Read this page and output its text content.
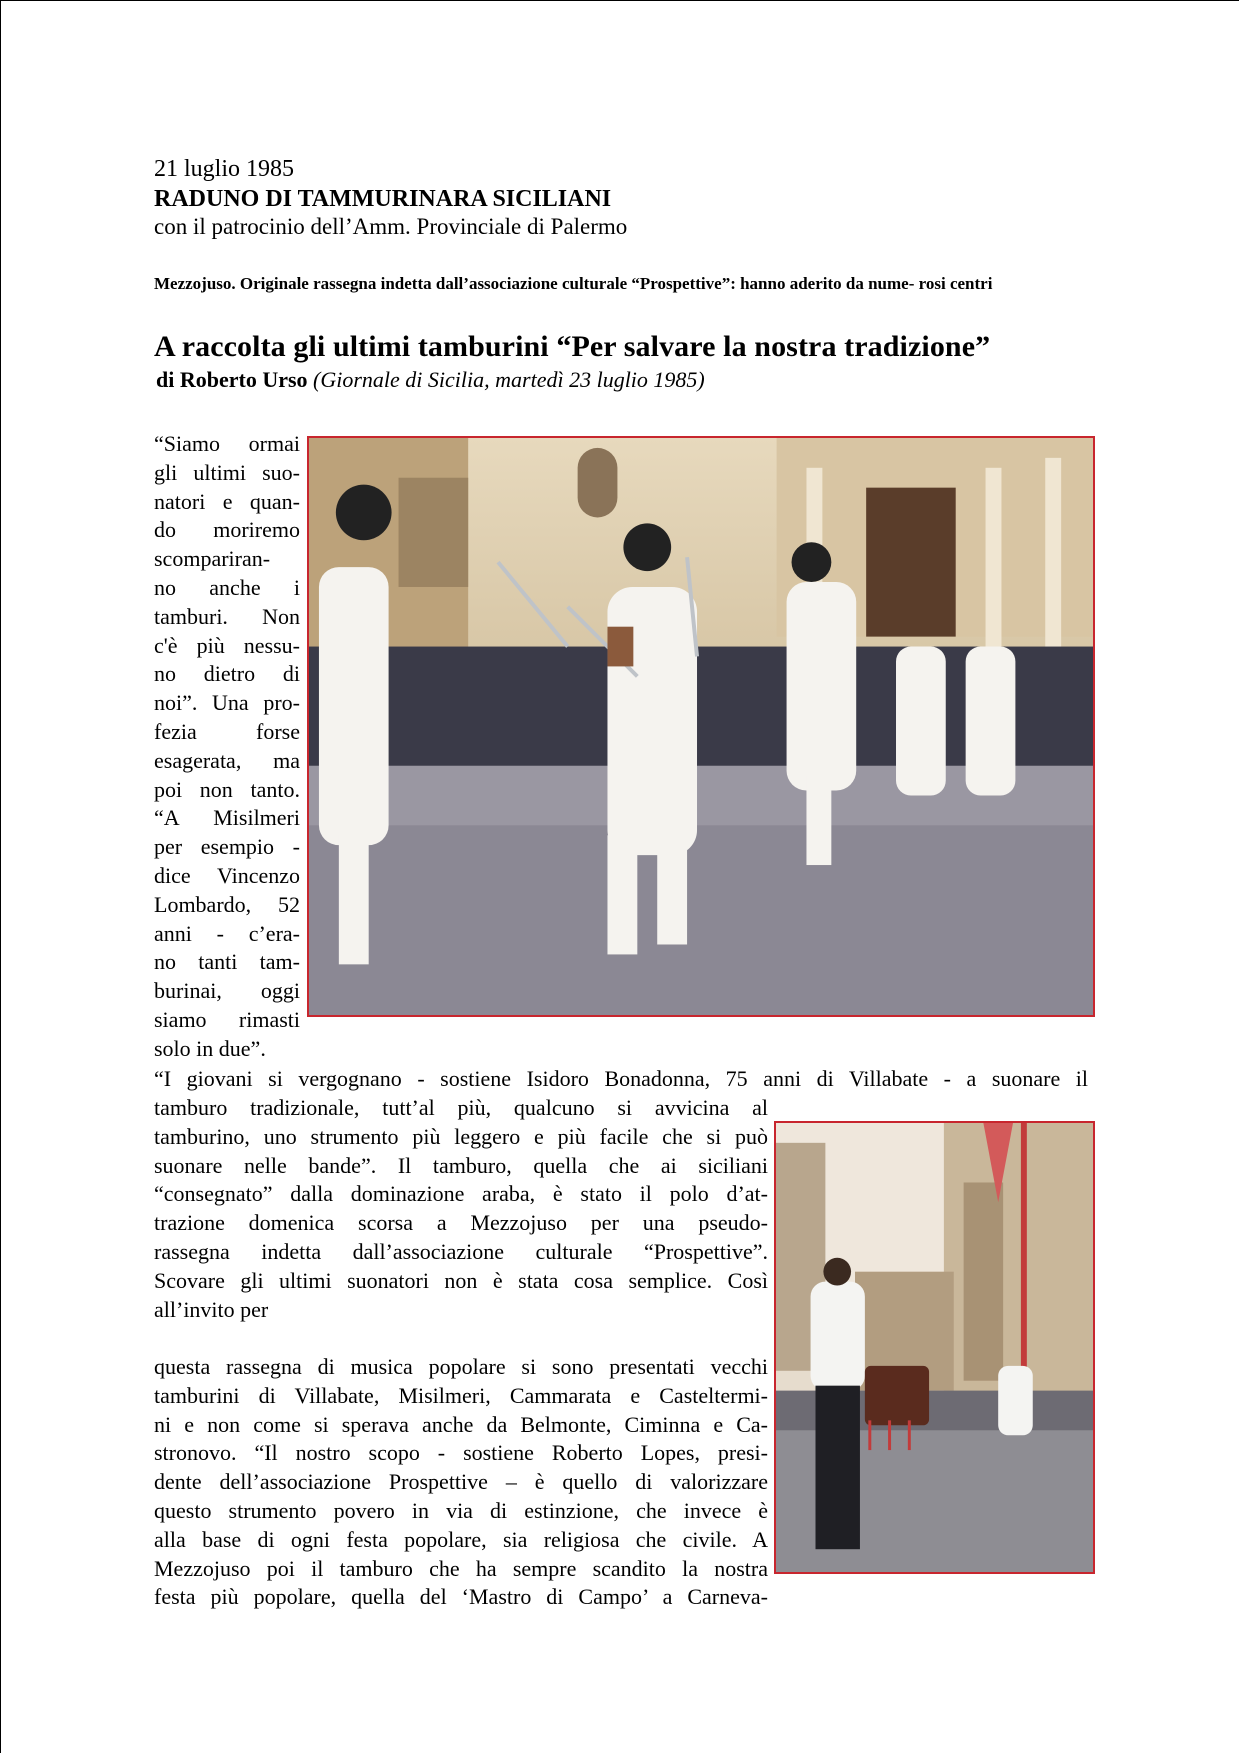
21 luglio 1985
RADUNO DI TAMMURINARA SICILIANI
con il patrocinio dell’Amm. Provinciale di Palermo
Mezzojuso. Originale rassegna indetta dall’associazione culturale “Prospettive”: hanno aderito da nume- rosi centri
A raccolta gli ultimi tamburini “Per salvare la nostra tradizione”
di Roberto Urso (Giornale di Sicilia, martedì 23 luglio 1985)
“Siamo ormai
gli ultimi suo-
natori e quan-
do moriremo
scompariran-
no anche i
tamburi. Non
c'è più nessu-
no dietro di
noi”. Una pro-
fezia forse
esagerata, ma
poi non tanto.
“A Misilmeri
per esempio -
dice Vincenzo
Lombardo, 52
anni - c’era-
no tanti tam-
burinai, oggi
siamo rimasti
solo in due”.
“I giovani si vergognano - sostiene Isidoro Bonadonna, 75 anni di Villabate - a suonare il
tamburo tradizionale, tutt’al più, qualcuno si avvicina al
tamburino, uno strumento più leggero e più facile che si può
suonare nelle bande”. Il tamburo, quella che ai siciliani
“consegnato” dalla dominazione araba, è stato il polo d’at-
trazione domenica scorsa a Mezzojuso per una pseudo-
rassegna indetta dall’associazione culturale “Prospettive”.
Scovare gli ultimi suonatori non è stata cosa semplice. Così
all’invito per
questa rassegna di musica popolare si sono presentati vecchi
tamburini di Villabate, Misilmeri, Cammarata e Casteltermi-
ni e non come si sperava anche da Belmonte, Ciminna e Ca-
stronovo. “Il nostro scopo - sostiene Roberto Lopes, presi-
dente dell’associazione Prospettive – è quello di valorizzare
questo strumento povero in via di estinzione, che invece è
alla base di ogni festa popolare, sia religiosa che civile. A
Mezzojuso poi il tamburo che ha sempre scandito la nostra
festa più popolare, quella del ‘Mastro di Campo’ a Carneva-
